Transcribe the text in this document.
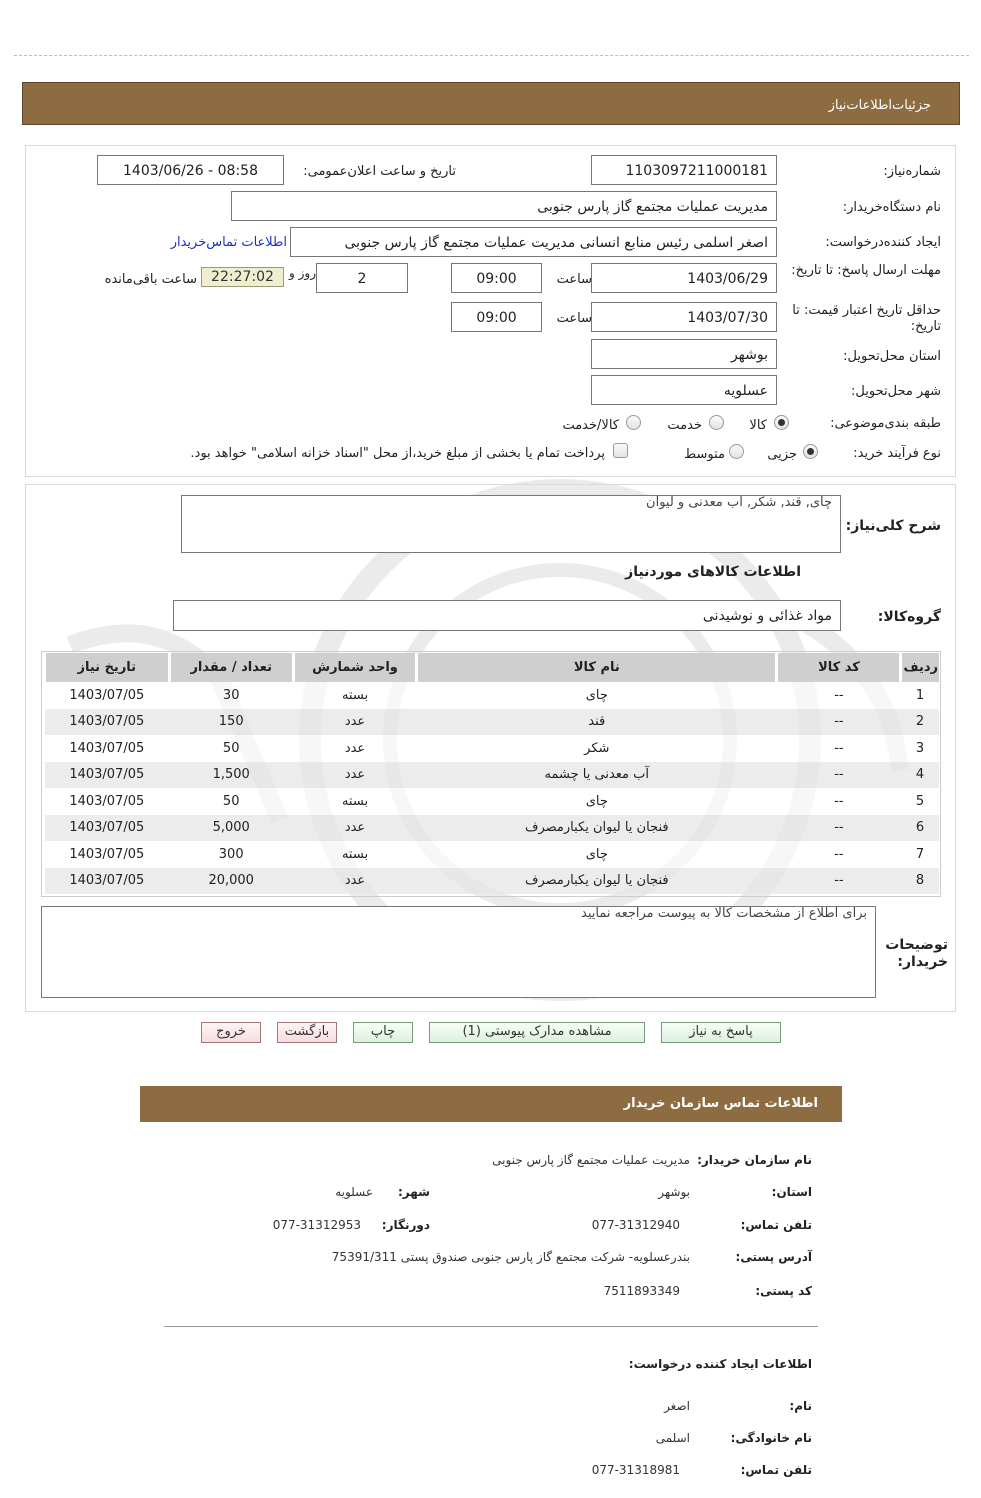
جزئیات‌اطلاعات‌نیاز
شماره‌نیاز:
1103097211000181
تاریخ و ساعت اعلان‌عمومی:
1403/06/26 - 08:58
نام دستگاه‌خریدار:
مدیریت عملیات مجتمع گاز پارس جنوبی
ایجاد کننده‌درخواست:
اصغر اسلمی رئیس منابع انسانی مدیریت عملیات مجتمع گاز پارس جنوبی
اطلاعات تماس‌خریدار
مهلت ارسال پاسخ: تا تاریخ:
1403/06/29
ساعت
09:00
2
روز و
22:27:02
ساعت باقی‌مانده
حداقل تاریخ اعتبار قیمت: تا تاریخ:
1403/07/30
ساعت
09:00
استان محل‌تحویل:
بوشهر
شهر محل‌تحویل:
عسلویه
طبقه بندی‌موضوعی:
کالا
خدمت
کالا/خدمت
نوع فرآیند خرید:
جزیی
متوسط
پرداخت تمام یا بخشی از مبلغ خرید،از محل "اسناد خزانه اسلامی" خواهد بود.
شرح کلی‌نیاز:
چای, قند, شکر, آب معدنی و لیوان
اطلاعات کالاهای موردنیاز
گروه‌کالا:
مواد غذائی و نوشیدنی
ردیف	کد کالا	نام کالا	واحد شمارش	تعداد / مقدار	تاریخ نیاز
1	--	چای	بسته	30	1403/07/05
2	--	قند	عدد	150	1403/07/05
3	--	شکر	عدد	50	1403/07/05
4	--	آب معدنی یا چشمه	عدد	1,500	1403/07/05
5	--	چای	بسته	50	1403/07/05
6	--	فنجان یا لیوان یکبارمصرف	عدد	5,000	1403/07/05
7	--	چای	بسته	300	1403/07/05
8	--	فنجان یا لیوان یکبارمصرف	عدد	20,000	1403/07/05
برای اطلاع از مشخصات کالا به پیوست مراجعه نمایید
توضیحات خریدار:
پاسخ به نیاز
مشاهده مدارک پیوستی (1)
چاپ
بازگشت
خروج
اطلاعات تماس سازمان خریدار
نام سازمان خریدار:
مدیریت عملیات مجتمع گاز پارس جنوبی
استان:
بوشهر
شهر:
عسلویه
تلفن تماس:
077-31312940
دورنگار:
077-31312953
آدرس پستی:
بندرعسلویه- شرکت مجتمع گاز پارس جنوبی صندوق پستی 75391/311
کد پستی:
7511893349
اطلاعات ایجاد کننده درخواست:
نام:
اصغر
نام خانوادگی:
اسلمی
تلفن تماس:
077-31318981
